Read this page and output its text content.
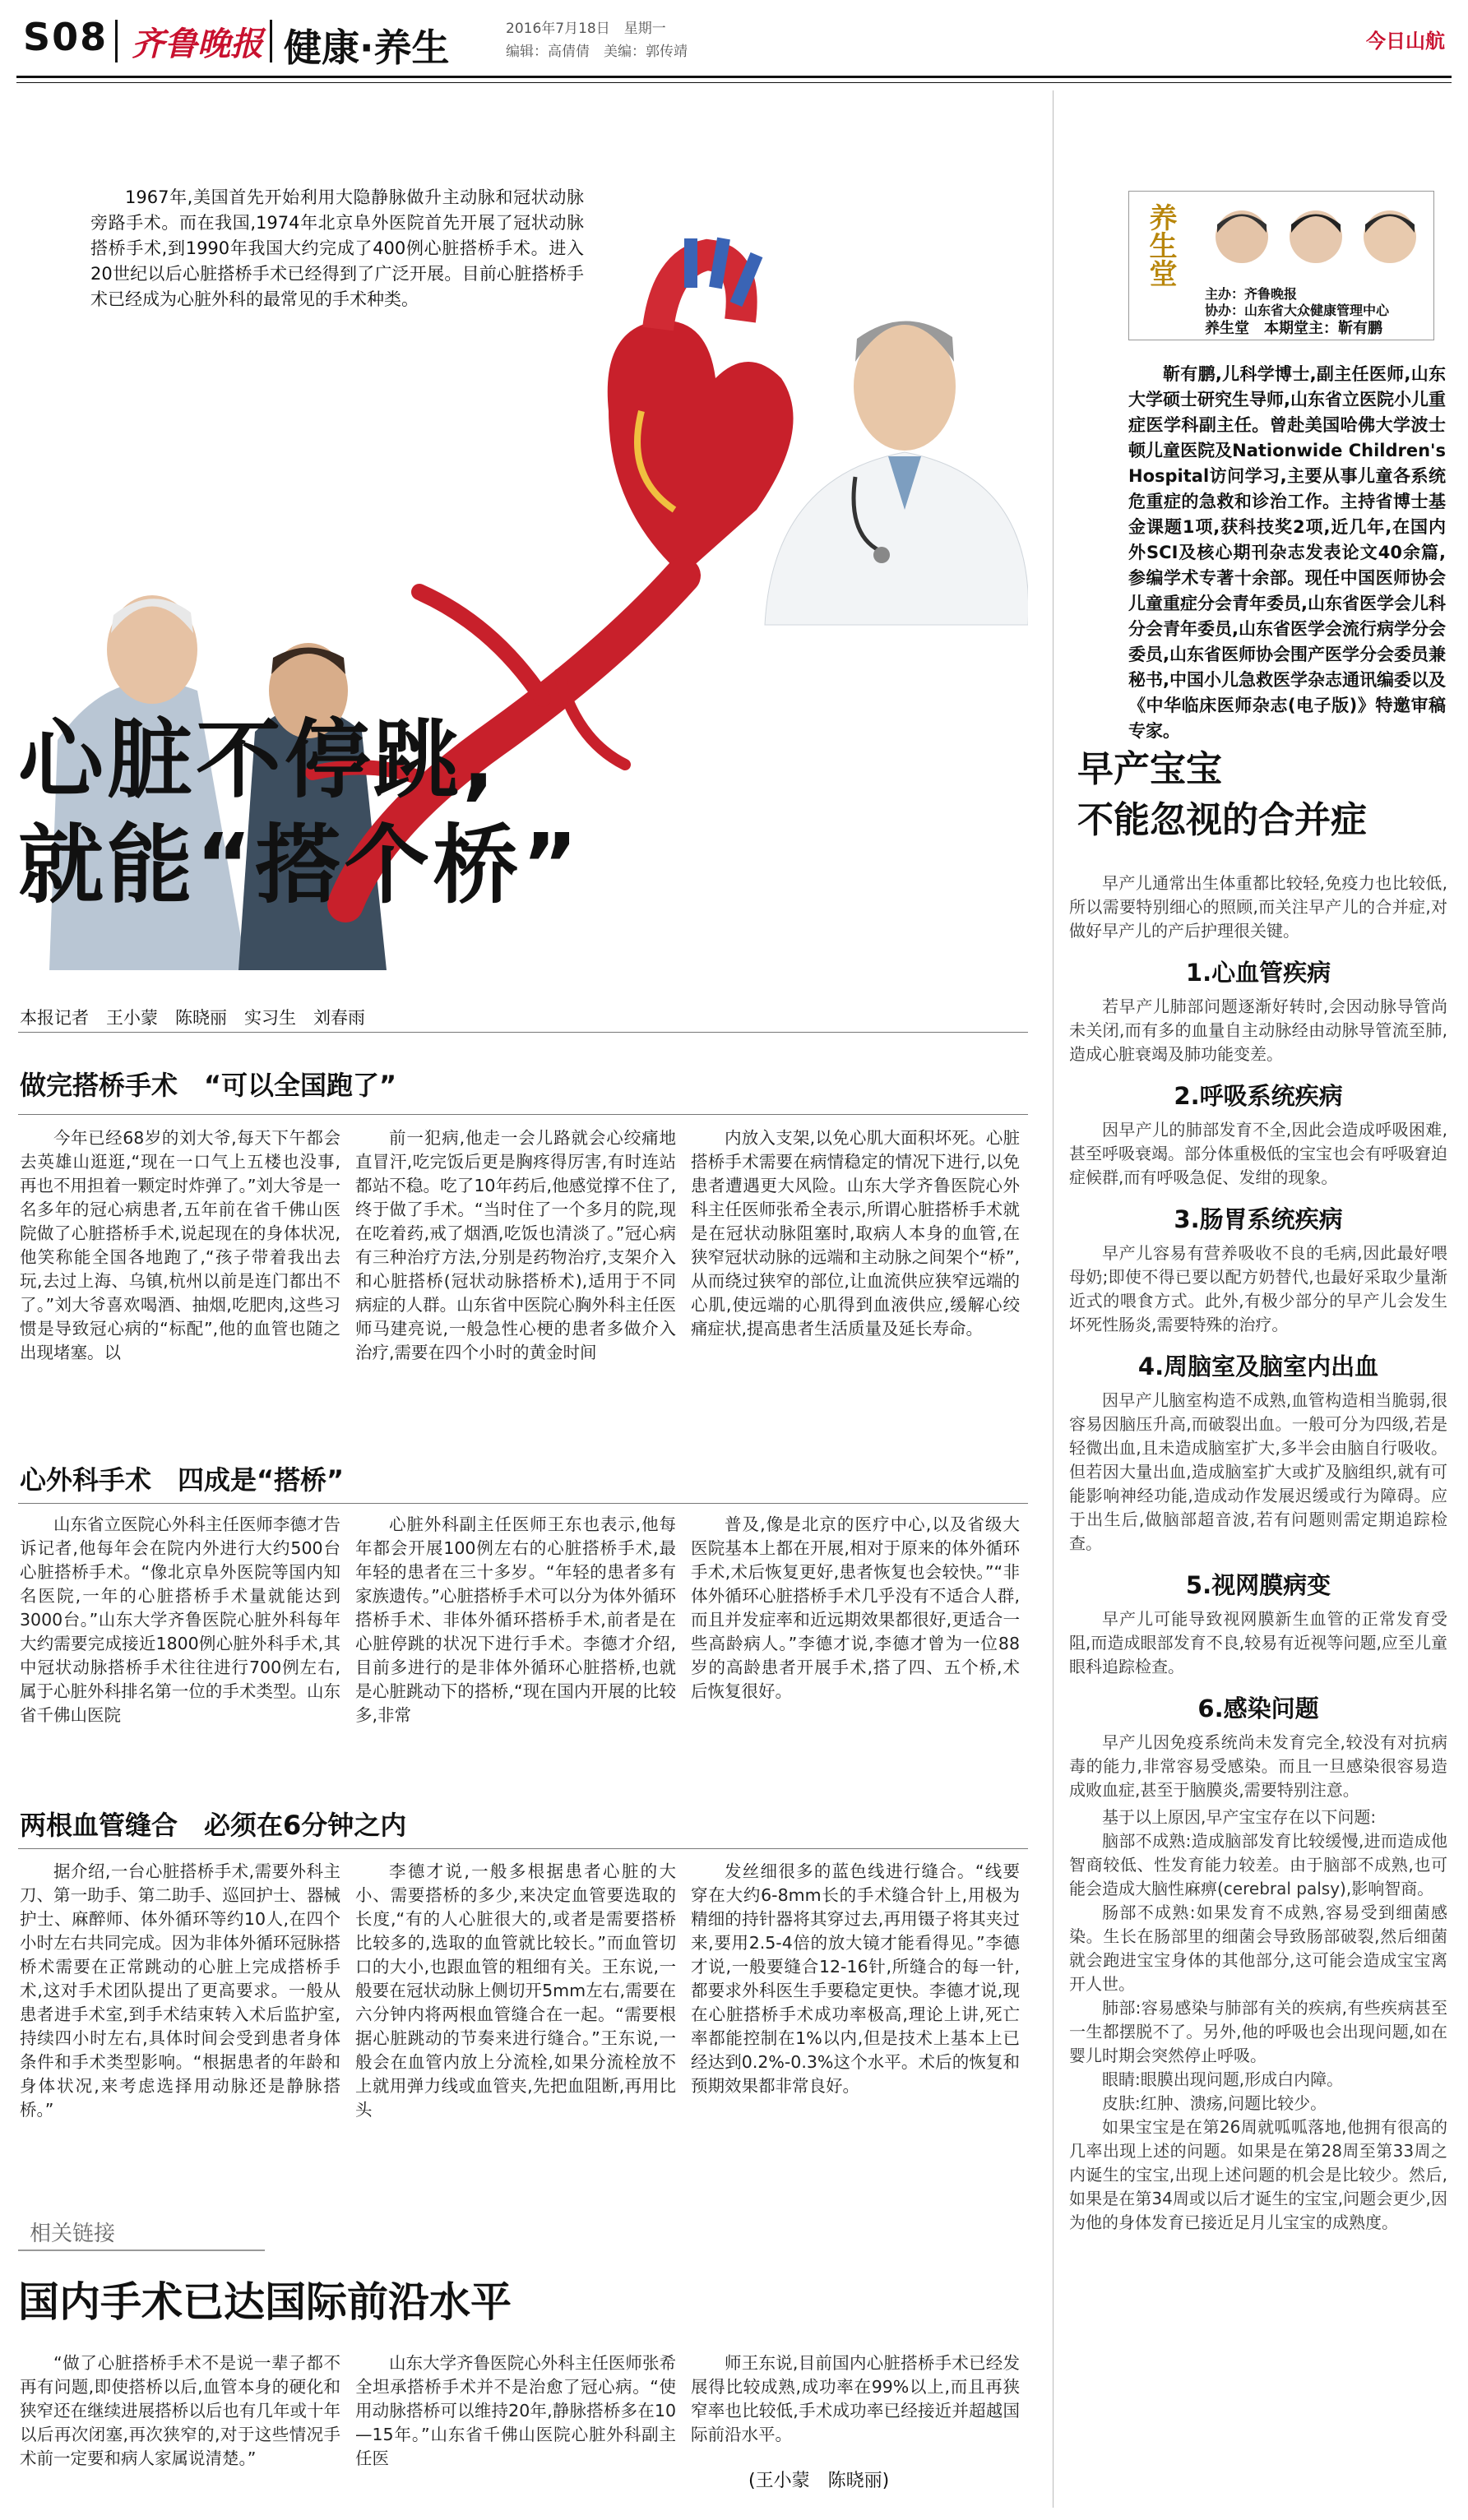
S08 齐鲁晚报 健康·养生	2016年7月18日　星期一
编辑：高倩倩　美编：郭传靖	今日山航
1967年,美国首先开始利用大隐静脉做升主动脉和冠状动脉旁路手术。而在我国,1974年北京阜外医院首先开展了冠状动脉搭桥手术,到1990年我国大约完成了400例心脏搭桥手术。进入20世纪以后心脏搭桥手术已经得到了广泛开展。目前心脏搭桥手术已经成为心脏外科的最常见的手术种类。
心脏不停跳,
就能“搭个桥”
本报记者　王小蒙　陈晓丽　实习生　刘春雨
做完搭桥手术　“可以全国跑了”

今年已经68岁的刘大爷,每天下午都会去英雄山逛逛,“现在一口气上五楼也没事,再也不用担着一颗定时炸弹了。”刘大爷是一名多年的冠心病患者,五年前在省千佛山医院做了心脏搭桥手术,说起现在的身体状况,他笑称能全国各地跑了,“孩子带着我出去玩,去过上海、乌镇,杭州以前是连门都出不了。”刘大爷喜欢喝酒、抽烟,吃肥肉,这些习惯是导致冠心病的“标配”,他的血管也随之出现堵塞。以

前一犯病,他走一会儿路就会心绞痛地直冒汗,吃完饭后更是胸疼得厉害,有时连站都站不稳。吃了10年药后,他感觉撑不住了,终于做了手术。“当时住了一个多月的院,现在吃着药,戒了烟酒,吃饭也清淡了。”冠心病有三种治疗方法,分别是药物治疗,支架介入和心脏搭桥(冠状动脉搭桥术),适用于不同病症的人群。山东省中医院心胸外科主任医师马建亮说,一般急性心梗的患者多做介入治疗,需要在四个小时的黄金时间

内放入支架,以免心肌大面积坏死。心脏搭桥手术需要在病情稳定的情况下进行,以免患者遭遇更大风险。山东大学齐鲁医院心外科主任医师张希全表示,所谓心脏搭桥手术就是在冠状动脉阻塞时,取病人本身的血管,在狭窄冠状动脉的远端和主动脉之间架个“桥”,从而绕过狭窄的部位,让血流供应狭窄远端的心肌,使远端的心肌得到血液供应,缓解心绞痛症状,提高患者生活质量及延长寿命。

心外科手术　四成是“搭桥”

山东省立医院心外科主任医师李德才告诉记者,他每年会在院内外进行大约500台心脏搭桥手术。“像北京阜外医院等国内知名医院,一年的心脏搭桥手术量就能达到3000台。”山东大学齐鲁医院心脏外科每年大约需要完成接近1800例心脏外科手术,其中冠状动脉搭桥手术往往进行700例左右,属于心脏外科排名第一位的手术类型。山东省千佛山医院

心脏外科副主任医师王东也表示,他每年都会开展100例左右的心脏搭桥手术,最年轻的患者在三十多岁。“年轻的患者多有家族遗传。”心脏搭桥手术可以分为体外循环搭桥手术、非体外循环搭桥手术,前者是在心脏停跳的状况下进行手术。李德才介绍,目前多进行的是非体外循环心脏搭桥,也就是心脏跳动下的搭桥,“现在国内开展的比较多,非常

普及,像是北京的医疗中心,以及省级大医院基本上都在开展,相对于原来的体外循环手术,术后恢复更好,患者恢复也会较快。”“非体外循环心脏搭桥手术几乎没有不适合人群,而且并发症率和近远期效果都很好,更适合一些高龄病人。”李德才说,李德才曾为一位88岁的高龄患者开展手术,搭了四、五个桥,术后恢复很好。

两根血管缝合　必须在6分钟之内

据介绍,一台心脏搭桥手术,需要外科主刀、第一助手、第二助手、巡回护士、器械护士、麻醉师、体外循环等约10人,在四个小时左右共同完成。因为非体外循环冠脉搭桥术需要在正常跳动的心脏上完成搭桥手术,这对手术团队提出了更高要求。一般从患者进手术室,到手术结束转入术后监护室,持续四小时左右,具体时间会受到患者身体条件和手术类型影响。“根据患者的年龄和身体状况,来考虑选择用动脉还是静脉搭桥。”

李德才说,一般多根据患者心脏的大小、需要搭桥的多少,来决定血管要选取的长度,“有的人心脏很大的,或者是需要搭桥比较多的,选取的血管就比较长。”而血管切口的大小,也跟血管的粗细有关。王东说,一般要在冠状动脉上侧切开5mm左右,需要在六分钟内将两根血管缝合在一起。“需要根据心脏跳动的节奏来进行缝合。”王东说,一般会在血管内放上分流栓,如果分流栓放不上就用弹力线或血管夹,先把血阻断,再用比头

发丝细很多的蓝色线进行缝合。“线要穿在大约6-8mm长的手术缝合针上,用极为精细的持针器将其穿过去,再用镊子将其夹过来,要用2.5-4倍的放大镜才能看得见。”李德才说,一般要缝合12-16针,所缝合的每一针,都要求外科医生手要稳定更快。李德才说,现在心脏搭桥手术成功率极高,理论上讲,死亡率都能控制在1%以内,但是技术上基本上已经达到0.2%-0.3%这个水平。术后的恢复和预期效果都非常良好。

相关链接
国内手术已达国际前沿水平

“做了心脏搭桥手术不是说一辈子都不再有问题,即使搭桥以后,血管本身的硬化和狭窄还在继续进展搭桥以后也有几年或十年以后再次闭塞,再次狭窄的,对于这些情况手术前一定要和病人家属说清楚。”

山东大学齐鲁医院心外科主任医师张希全坦承搭桥手术并不是治愈了冠心病。“使用动脉搭桥可以维持20年,静脉搭桥多在10—15年。”山东省千佛山医院心脏外科副主任医

师王东说,目前国内心脏搭桥手术已经发展得比较成熟,成功率在99%以上,而且再狭窄率也比较低,手术成功率已经接近并超越国际前沿水平。

(王小蒙　陈晓丽)
养生堂
主办：齐鲁晚报
协办：山东省大众健康管理中心
养生堂　本期堂主：靳有鹏
靳有鹏,儿科学博士,副主任医师,山东大学硕士研究生导师,山东省立医院小儿重症医学科副主任。曾赴美国哈佛大学波士顿儿童医院及Nationwide Children's Hospital访问学习,主要从事儿童各系统危重症的急救和诊治工作。主持省博士基金课题1项,获科技奖2项,近几年,在国内外SCI及核心期刊杂志发表论文40余篇,参编学术专著十余部。现任中国医师协会儿童重症分会青年委员,山东省医学会儿科分会青年委员,山东省医学会流行病学分会委员,山东省医师协会围产医学分会委员兼秘书,中国小儿急救医学杂志通讯编委以及《中华临床医师杂志(电子版)》特邀审稿专家。
早产宝宝
不能忽视的合并症
早产儿通常出生体重都比较轻,免疫力也比较低,所以需要特别细心的照顾,而关注早产儿的合并症,对做好早产儿的产后护理很关键。
1.心血管疾病
若早产儿肺部问题逐渐好转时,会因动脉导管尚未关闭,而有多的血量自主动脉经由动脉导管流至肺,造成心脏衰竭及肺功能变差。
2.呼吸系统疾病
因早产儿的肺部发育不全,因此会造成呼吸困难,甚至呼吸衰竭。部分体重极低的宝宝也会有呼吸窘迫症候群,而有呼吸急促、发绀的现象。
3.肠胃系统疾病
早产儿容易有营养吸收不良的毛病,因此最好喂母奶;即使不得已要以配方奶替代,也最好采取少量渐近式的喂食方式。此外,有极少部分的早产儿会发生坏死性肠炎,需要特殊的治疗。
4.周脑室及脑室内出血
因早产儿脑室构造不成熟,血管构造相当脆弱,很容易因脑压升高,而破裂出血。一般可分为四级,若是轻微出血,且未造成脑室扩大,多半会由脑自行吸收。但若因大量出血,造成脑室扩大或扩及脑组织,就有可能影响神经功能,造成动作发展迟缓或行为障碍。应于出生后,做脑部超音波,若有问题则需定期追踪检查。
5.视网膜病变
早产儿可能导致视网膜新生血管的正常发育受阻,而造成眼部发育不良,较易有近视等问题,应至儿童眼科追踪检查。
6.感染问题
早产儿因免疫系统尚未发育完全,较没有对抗病毒的能力,非常容易受感染。而且一旦感染很容易造成败血症,甚至于脑膜炎,需要特别注意。
基于以上原因,早产宝宝存在以下问题:
脑部不成熟:造成脑部发育比较缓慢,进而造成他智商较低、性发育能力较差。由于脑部不成熟,也可能会造成大脑性麻痹(cerebral palsy),影响智商。
肠部不成熟:如果发育不成熟,容易受到细菌感染。生长在肠部里的细菌会导致肠部破裂,然后细菌就会跑进宝宝身体的其他部分,这可能会造成宝宝离开人世。
肺部:容易感染与肺部有关的疾病,有些疾病甚至一生都摆脱不了。另外,他的呼吸也会出现问题,如在婴儿时期会突然停止呼吸。
眼睛:眼膜出现问题,形成白内障。
皮肤:红肿、溃疡,问题比较少。
如果宝宝是在第26周就呱呱落地,他拥有很高的几率出现上述的问题。如果是在第28周至第33周之内诞生的宝宝,出现上述问题的机会是比较少。然后,如果是在第34周或以后才诞生的宝宝,问题会更少,因为他的身体发育已接近足月儿宝宝的成熟度。
